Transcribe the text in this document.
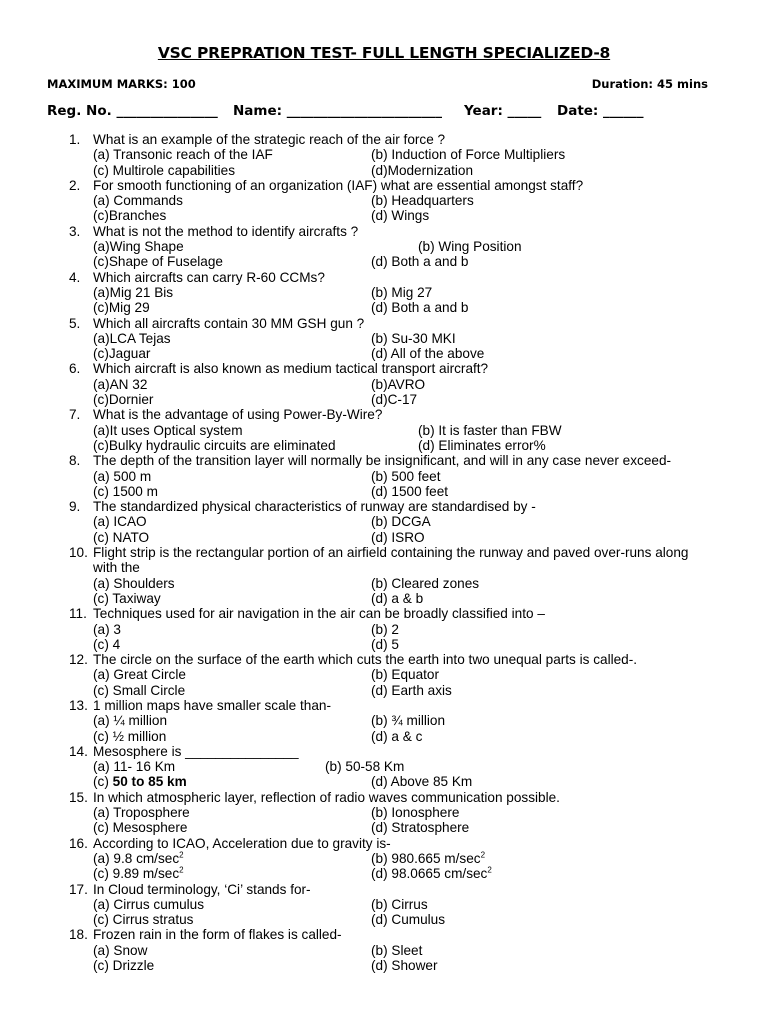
VSC PREPRATION TEST- FULL LENGTH SPECIALIZED-8
MAXIMUM MARKS: 100	Duration: 45 mins

Reg. No. _______________

Name: _______________________

Year: _____

Date: ______

1. What is an example of the strategic reach of the air force ?
(a) Transonic reach of the IAF	(b) Induction of Force Multipliers
(c) Multirole capabilities	(d)Modernization
2. For smooth functioning of an organization (IAF) what are essential amongst staff?
(a) Commands	(b) Headquarters
(c)Branches	(d) Wings
3. What is not the method to identify aircrafts ?
(a)Wing Shape	(b) Wing Position
(c)Shape of Fuselage	(d) Both a and b
4. Which aircrafts can carry R-60 CCMs?
(a)Mig 21 Bis	(b) Mig 27
(c)Mig 29	(d) Both a and b
5. Which all aircrafts contain 30 MM GSH gun ?
(a)LCA Tejas	(b) Su-30 MKI
(c)Jaguar	(d) All of the above
6. Which aircraft is also known as medium tactical transport aircraft?
(a)AN 32	(b)AVRO
(c)Dornier	(d)C-17
7. What is the advantage of using Power-By-Wire?
(a)It uses Optical system	(b) It is faster than FBW
(c)Bulky hydraulic circuits are eliminated	(d) Eliminates error%
8. The depth of the transition layer will normally be insignificant, and will in any case never exceed-
(a) 500 m	(b) 500 feet
(c) 1500 m	(d) 1500 feet
9. The standardized physical characteristics of runway are standardised by -
(a) ICAO	(b) DCGA
(c) NATO	(d) ISRO
10. Flight strip is the rectangular portion of an airfield containing the runway and paved over-runs along
with the
(a) Shoulders	(b) Cleared zones
(c) Taxiway	(d) a & b
11. Techniques used for air navigation in the air can be broadly classified into –
(a) 3	(b) 2
(c) 4	(d) 5
12. The circle on the surface of the earth which cuts the earth into two unequal parts is called-.
(a) Great Circle	(b) Equator
(c) Small Circle	(d) Earth axis
13. 1 million maps have smaller scale than-
(a) ¼ million	(b) ¾ million
(c) ½ million	(d) a & c
14. Mesosphere is _______________
(a) 11- 16 Km	(b) 50-58 Km
(c) 50 to 85 km	(d) Above 85 Km
15. In which atmospheric layer, reflection of radio waves communication possible.
(a) Troposphere	(b) Ionosphere
(c) Mesosphere	(d) Stratosphere
16. According to ICAO, Acceleration due to gravity is-
(a) 9.8 $cm/\sec^2$	(b) 980.665 $m/\sec^2$
(c) 9.89 $m/\sec^2$	(d) 98.0665 $cm/\sec^2$
17. In Cloud terminology, ‘Ci’ stands for-
(a) Cirrus cumulus	(b) Cirrus
(c) Cirrus stratus	(d) Cumulus
18. Frozen rain in the form of flakes is called-
(a) Snow	(b) Sleet
(c) Drizzle	(d) Shower
